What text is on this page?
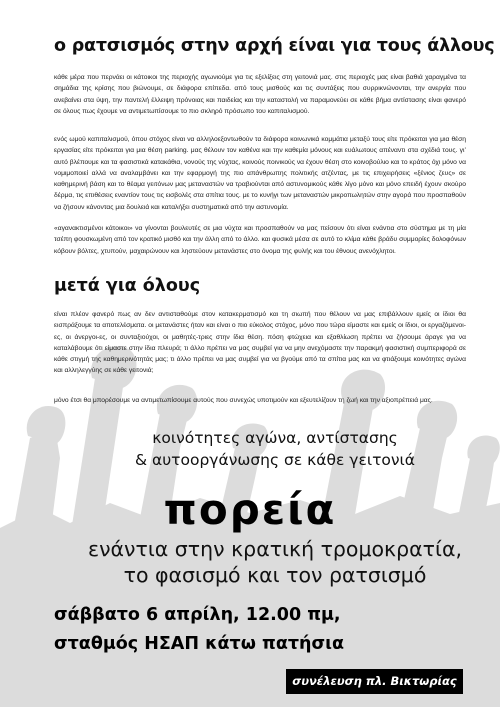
ο ρατσισμός στην αρχή είναι για τους άλλους

κάθε μέρα που περνάει οι κάτοικοι της περιοχής αγωνιούμε για τις εξελίξεις στη γειτονιά μας. στις περιοχές μας είναι βαθιά χαραγμένα τα σημάδια της κρίσης που βιώνουμε, σε διάφορα επίπεδα. από τους μισθούς και τις συντάξεις που συρρικνώνονται, την ανεργία που ανεβαίνει στα ύψη, την παντελή έλλειψη πρόνοιας και παιδείας και την καταστολή να παραμονεύει σε κάθε βήμα αντίστασης είναι φανερό σε όλους πως έχουμε να αντιμετωπίσουμε το πιο σκληρό πρόσωπο του καπιταλισμού.

ενός ωμού καπιταλισμού, όπου στόχος είναι να αλληλοεξοντωθούν τα διάφορα κοινωνικά κομμάτια μεταξύ τους είτε πρόκειται για μια θέση εργασίας είτε πρόκειται για μια θέση parking. μας θέλουν τον καθένα και την καθεμία μόνους και ευάλωτους απέναντι στα σχέδιά τους. γι’ αυτό βλέπουμε και τα φασιστικά κατακάθια, νονούς της νύχτας, κοινούς ποινικούς να έχουν θέση στο κοινοβούλιο και το κράτος όχι μόνο να νομιμοποιεί αλλά να αναλαμβάνει και την εφαρμογή της πιο απάνθρωπης πολιτικής ατζέντας, με τις επιχειρήσεις «ξένιος ζευς» σε καθημερινή βάση και το θέαμα γειτόνων μας μεταναστών να τραβιούνται από αστυνομικούς κάθε λίγο μόνο και μόνο επειδή έχουν σκούρο δέρμα, τις επιθέσεις εναντίον τους τις εισβολές στα σπίτια τους. με το κυνήγι των μεταναστών μικροπωλητών στην αγορά που προσπαθούν να ζήσουν κάνοντας μια δουλειά και καταλήξει συστηματικά από την αστυνομία.

«αγανακτισμένοι κάτοικοι» να γίνονται βουλευτές σε μια νύχτα και προσπαθούν να μας πείσουν ότι είναι ενάντια στο σύστημα με τη μία τσέπη φουσκωμένη από τον κρατικό μισθό και την άλλη από το άλλο. και φυσικά μέσα σε αυτό το κλίμα κάθε βράδυ συμμορίες δολοφόνων κόβουν βόλτες, χτυπούν, μαχαιρώνουν και ληστεύουν μετανάστες στο όνομα της φυλής και του έθνους ανενόχλητοι.

μετά για όλους

είναι πλέον φανερό πως αν δεν αντισταθούμε στον κατακερματισμό και τη σιωπή που θέλουν να μας επιβάλλουν εμείς οι ίδιοι θα εισπράξουμε τα αποτελέσματα. οι μετανάστες ήταν και είναι ο πιο εύκολος στόχος, μόνο που τώρα είμαστε και εμείς οι ίδιοι, οι εργαζόμενοι-ες, οι άνεργοι-ες, οι συνταξιούχοι, οι μαθητές-τριες στην ίδια θέση. πόση φτώχεια και εξαθλίωση πρέπει να ζήσουμε άραγε για να καταλάβουμε ότι είμαστε στην ίδια πλευρά; τι άλλο πρέπει να μας συμβεί για να μην ανεχόμαστε την παρακμή φασιστική συμπεριφορά σε κάθε στιγμή της καθημερινότητάς μας; τι άλλο πρέπει να μας συμβεί για να βγούμε από τα σπίτια μας και να φτιάξουμε κοινότητες αγώνα και αλληλεγγύης σε κάθε γειτονιά;

μόνο έτσι θα μπορέσουμε να αντιμετωπίσουμε αυτούς που συνεχώς υποτιμούν και εξευτελίζουν τη ζωή και την αξιοπρέπειά μας.

κοινότητες αγώνα, αντίστασης

& αυτοοργάνωσης σε κάθε γειτονιά

πορεία

ενάντια στην κρατική τρομοκρατία,

το φασισμό και τον ρατσισμό

σάββατο 6 απρίλη, 12.00 πμ,

σταθμός ΗΣΑΠ κάτω πατήσια

συνέλευση πλ. Βικτωρίας
